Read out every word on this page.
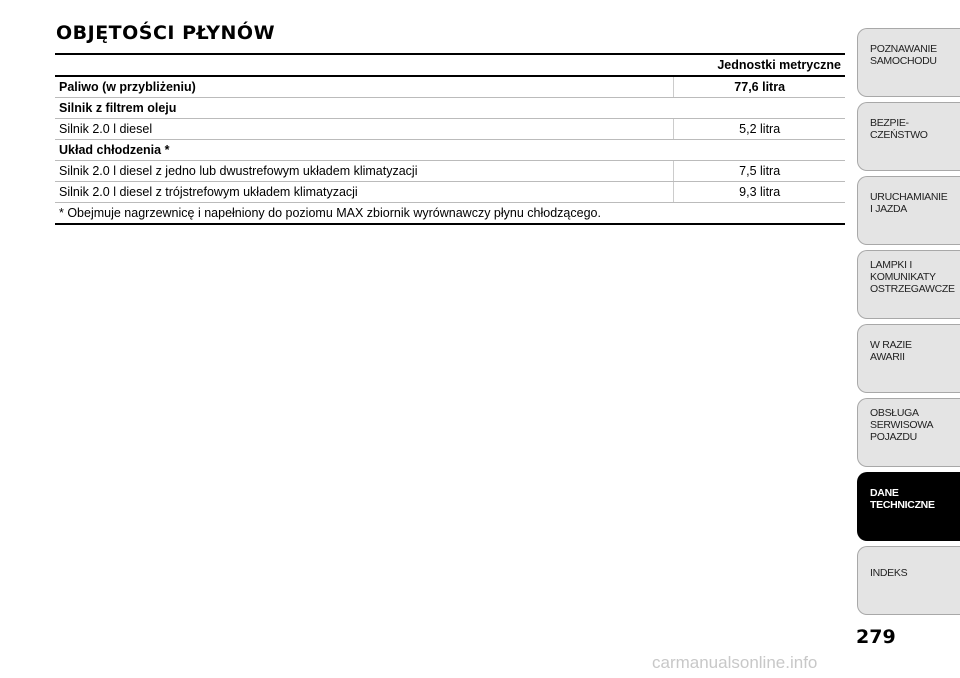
OBJĘTOŚCI PŁYNÓW
Jednostki metryczne	
Paliwo (w przybliżeniu)	77,6 litra
Silnik z filtrem oleju	
Silnik 2.0 l diesel	5,2 litra
Układ chłodzenia *	
Silnik 2.0 l diesel z jedno lub dwustrefowym układem klimatyzacji	7,5 litra
Silnik 2.0 l diesel z trójstrefowym układem klimatyzacji	9,3 litra
* Obejmuje nagrzewnicę i napełniony do poziomu MAX zbiornik wyrównawczy płynu chłodzącego.	
POZNAWANIE
SAMOCHODU
BEZPIE-
CZEŃSTWO
URUCHAMIANIE
I JAZDA
LAMPKI I
KOMUNIKATY
OSTRZEGAWCZE
W RAZIE
AWARII
OBSŁUGA
SERWISOWA
POJAZDU
DANE
TECHNICZNE
INDEKS
279
carmanualsonline.info
